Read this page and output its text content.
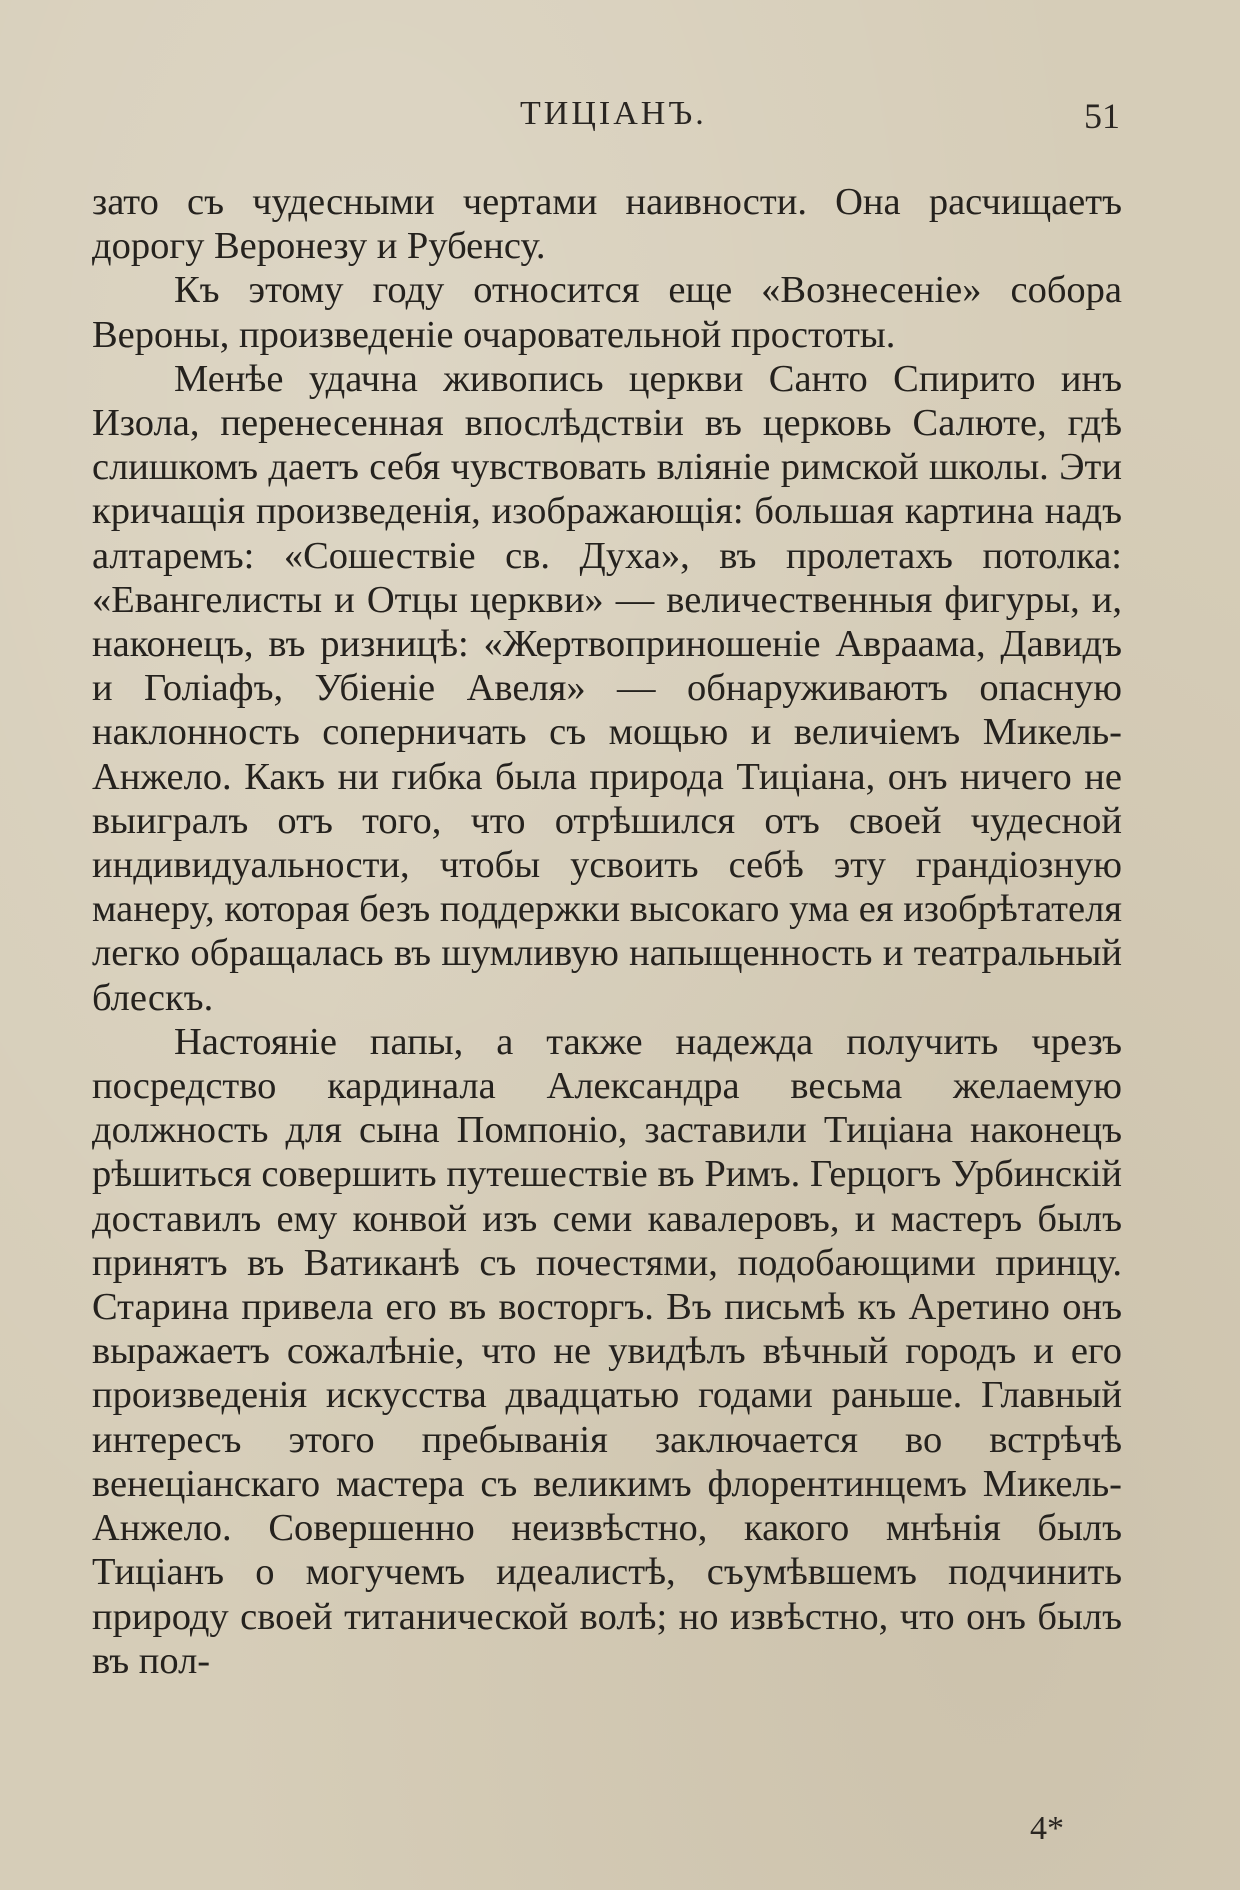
ТИЦІАНЪ.	51

зато съ чудесными чертами наивности. Она расчищаетъ дорогу Веронезу и Рубенсу.

Къ этому году относится еще «Вознесеніе» собора Вероны, произведеніе очаровательной простоты.

Менѣе удачна живопись церкви Санто Спирито инъ Изола, перенесенная впослѣдствіи въ церковь Салюте, гдѣ слишкомъ даетъ себя чувствовать вліяніе римской школы. Эти кричащія произведенія, изображающія: большая картина надъ алтаремъ: «Сошествіе св. Духа», въ пролетахъ потолка: «Евангелисты и Отцы церкви» — величественныя фигуры, и, наконецъ, въ ризницѣ: «Жертвоприношеніе Авраама, Давидъ и Голіафъ, Убіеніе Авеля» — обнаруживаютъ опасную наклонность соперничать съ мощью и величіемъ Микель-Анжело. Какъ ни гибка была природа Тиціана, онъ ничего не выигралъ отъ того, что отрѣшился отъ своей чудесной индивидуальности, чтобы усвоить себѣ эту грандіозную манеру, которая безъ поддержки высокаго ума ея изобрѣтателя легко обращалась въ шумливую напыщенность и театральный блескъ.

Настояніе папы, а также надежда получить чрезъ посредство кардинала Александра весьма желаемую должность для сына Помпоніо, заставили Тиціана наконецъ рѣшиться совершить путешествіе въ Римъ. Герцогъ Урбинскій доставилъ ему конвой изъ семи кавалеровъ, и мастеръ былъ принятъ въ Ватиканѣ съ почестями, подобающими принцу. Старина привела его въ восторгъ. Въ письмѣ къ Аретино онъ выражаетъ сожалѣніе, что не увидѣлъ вѣчный городъ и его произведенія искусства двадцатью годами раньше. Главный интересъ этого пребыванія заключается во встрѣчѣ венеціанскаго мастера съ великимъ флорентинцемъ Микель-Анжело. Совершенно неизвѣстно, какого мнѣнія былъ Тиціанъ о могучемъ идеалистѣ, съумѣвшемъ подчинить природу своей титанической волѣ; но извѣстно, что онъ былъ въ пол-

4*
